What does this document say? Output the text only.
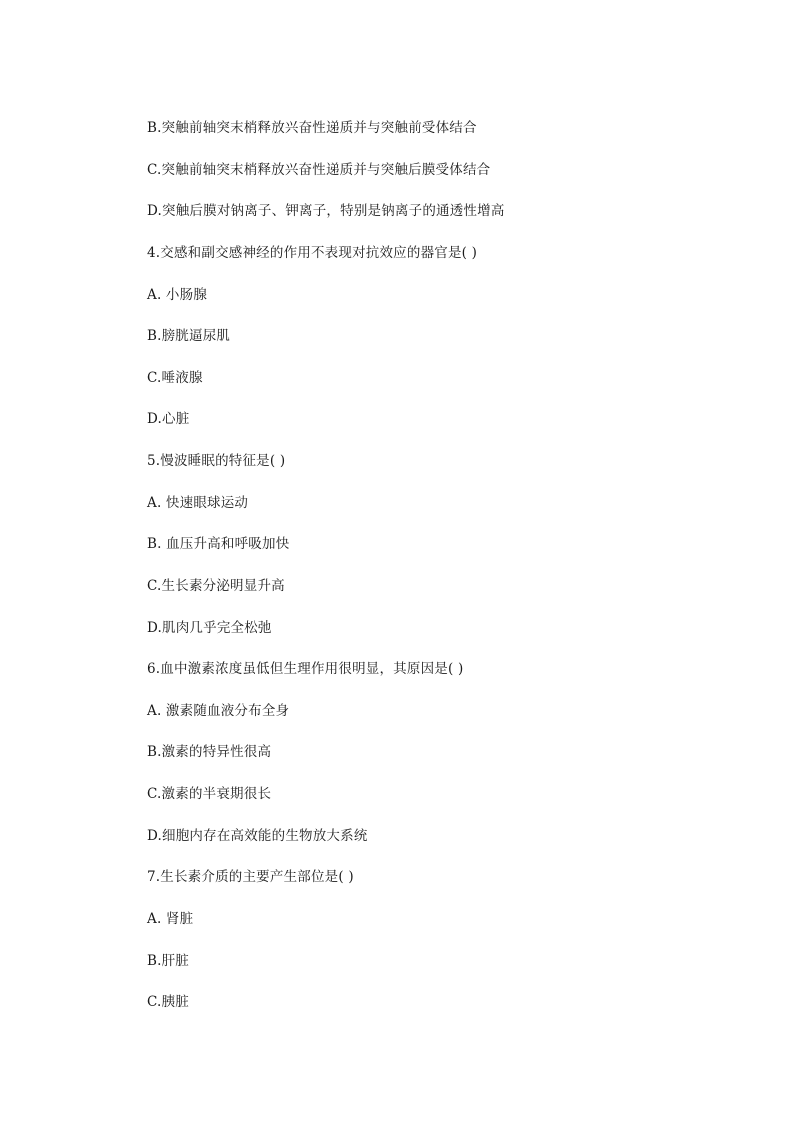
B.突触前轴突末梢释放兴奋性递质并与突触前受体结合
C.突触前轴突末梢释放兴奋性递质并与突触后膜受体结合
D.突触后膜对钠离子、钾离子，特别是钠离子的通透性增高
4.交感和副交感神经的作用不表现对抗效应的器官是( )
A. 小肠腺
B.膀胱逼尿肌
C.唾液腺
D.心脏
5.慢波睡眠的特征是( )
A. 快速眼球运动
B. 血压升高和呼吸加快
C.生长素分泌明显升高
D.肌肉几乎完全松弛
6.血中激素浓度虽低但生理作用很明显，其原因是( )
A. 激素随血液分布全身
B.激素的特异性很高
C.激素的半衰期很长
D.细胞内存在高效能的生物放大系统
7.生长素介质的主要产生部位是( )
A. 肾脏
B.肝脏
C.胰脏
